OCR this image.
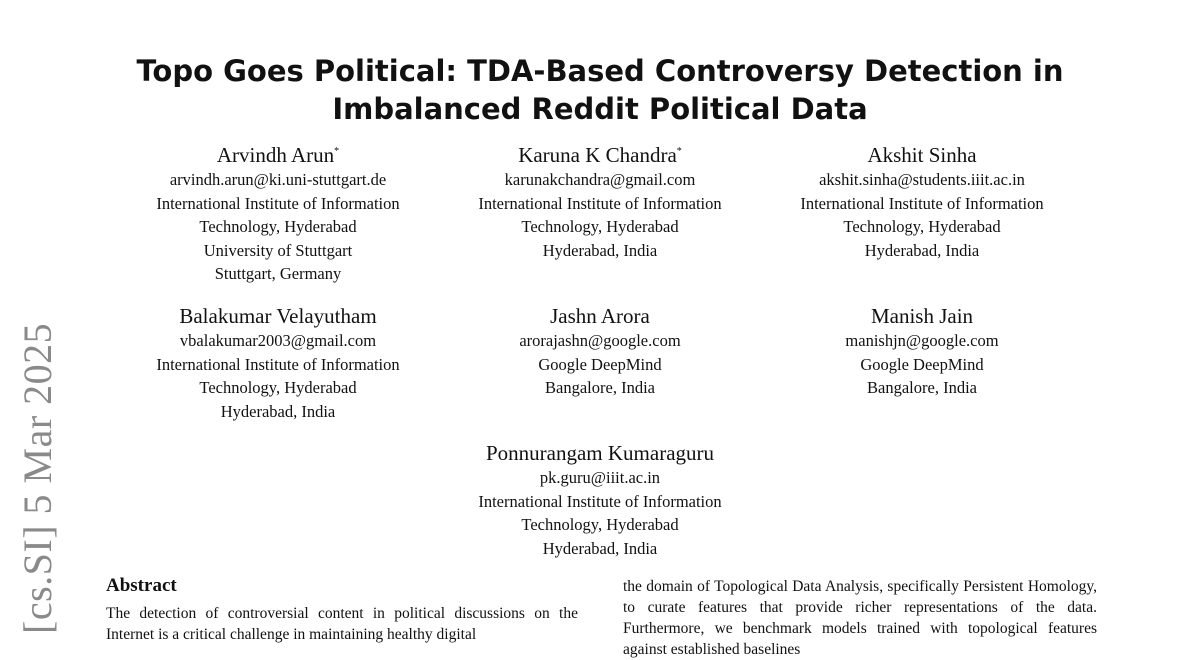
[cs.SI] 5 Mar 2025
Topo Goes Political: TDA-Based Controversy Detection in
Imbalanced Reddit Political Data
Arvindh Arun*
arvindh.arun@ki.uni-stuttgart.de
International Institute of Information
Technology, Hyderabad
University of Stuttgart
Stuttgart, Germany
Karuna K Chandra*
karunakchandra@gmail.com
International Institute of Information
Technology, Hyderabad
Hyderabad, India
Akshit Sinha
akshit.sinha@students.iiit.ac.in
International Institute of Information
Technology, Hyderabad
Hyderabad, India
Balakumar Velayutham
vbalakumar2003@gmail.com
International Institute of Information
Technology, Hyderabad
Hyderabad, India
Jashn Arora
arorajashn@google.com
Google DeepMind
Bangalore, India
Manish Jain
manishjn@google.com
Google DeepMind
Bangalore, India
Ponnurangam Kumaraguru
pk.guru@iiit.ac.in
International Institute of Information
Technology, Hyderabad
Hyderabad, India
Abstract
The detection of controversial content in political discussions on the Internet is a critical challenge in maintaining healthy digital
the domain of Topological Data Analysis, specifically Persistent Homology, to curate features that provide richer representations of the data. Furthermore, we benchmark models trained with topological features against established baselines
